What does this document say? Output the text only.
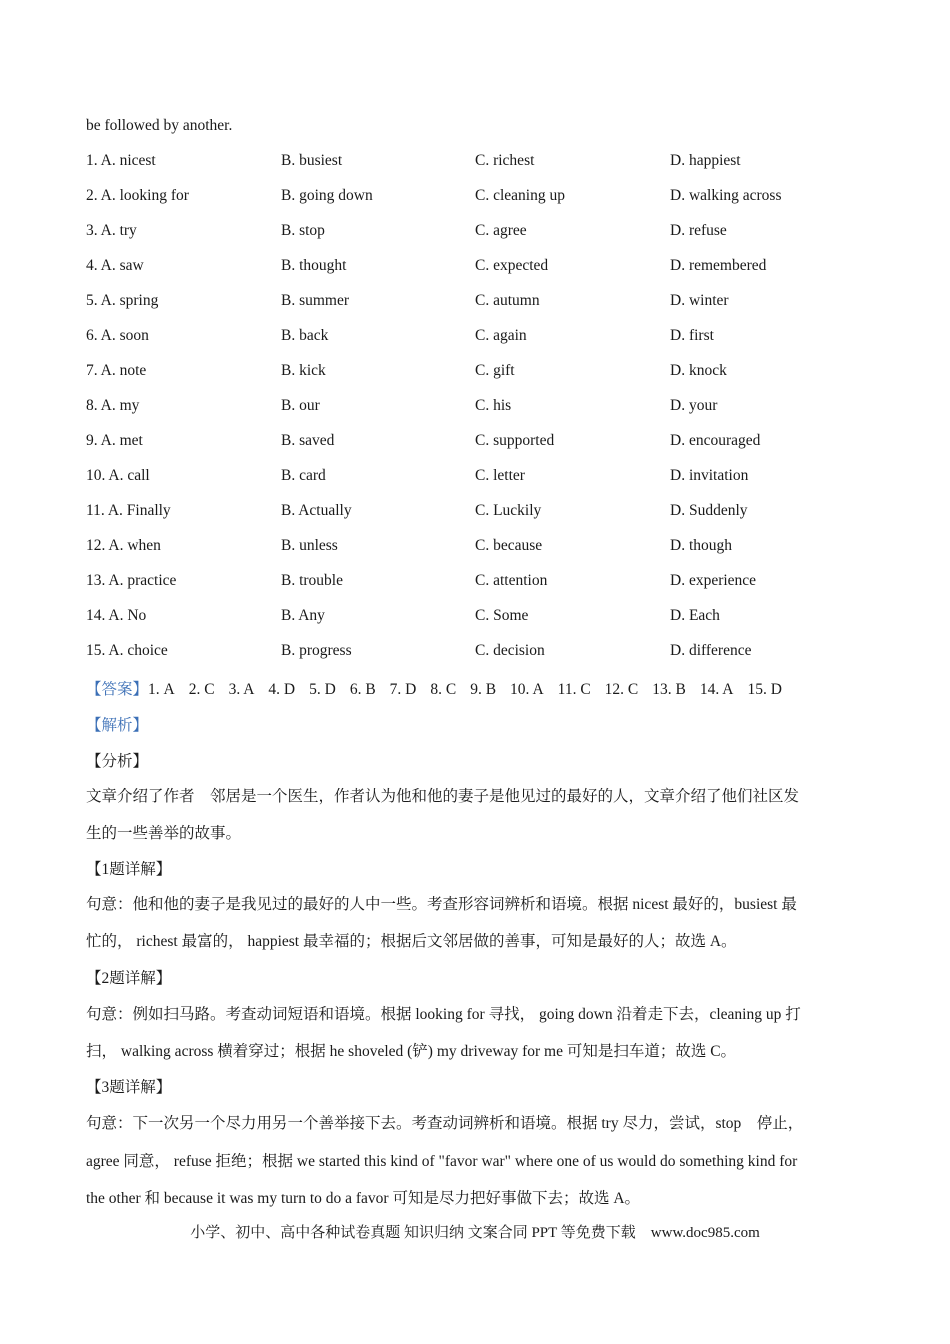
be followed by another.
1. A. nicest	B. busiest	C. richest	D. happiest
2. A. looking for	B. going down	C. cleaning up	D. walking across
3. A. try	B. stop	C. agree	D. refuse
4. A. saw	B. thought	C. expected	D. remembered
5. A. spring	B. summer	C. autumn	D. winter
6. A. soon	B. back	C. again	D. first
7. A. note	B. kick	C. gift	D. knock
8. A. my	B. our	C. his	D. your
9. A. met	B. saved	C. supported	D. encouraged
10. A. call	B. card	C. letter	D. invitation
11. A. Finally	B. Actually	C. Luckily	D. Suddenly
12. A. when	B. unless	C. because	D. though
13. A. practice	B. trouble	C. attention	D. experience
14. A. No	B. Any	C. Some	D. Each
15. A. choice	B. progress	C. decision	D. difference
【答案】1. A 2. C 3. A 4. D 5. D 6. B 7. D 8. C 9. B 10. A 11. C 12. C 13. B 14. A 15. D
【解析】
【分析】
文章介绍了作者　邻居是一个医生，作者认为他和他的妻子是他见过的最好的人，文章介绍了他们社区发
生的一些善举的故事。
【1题详解】
句意：他和他的妻子是我见过的最好的人中一些。考查形容词辨析和语境。根据 nicest 最好的，busiest 最
忙的， richest 最富的， happiest 最幸福的；根据后文邻居做的善事，可知是最好的人；故选 A。
【2题详解】
句意：例如扫马路。考查动词短语和语境。根据 looking for 寻找， going down 沿着走下去，cleaning up 打
扫， walking across 横着穿过；根据 he shoveled (铲) my driveway for me 可知是扫车道；故选 C。
【3题详解】
句意：下一次另一个尽力用另一个善举接下去。考查动词辨析和语境。根据 try 尽力，尝试，stop　停止，
agree 同意， refuse 拒绝；根据 we started this kind of "favor war" where one of us would do something kind for
the other 和 because it was my turn to do a favor 可知是尽力把好事做下去；故选 A。
小学、初中、高中各种试卷真题 知识归纳 文案合同 PPT 等免费下载　www.doc985.com
